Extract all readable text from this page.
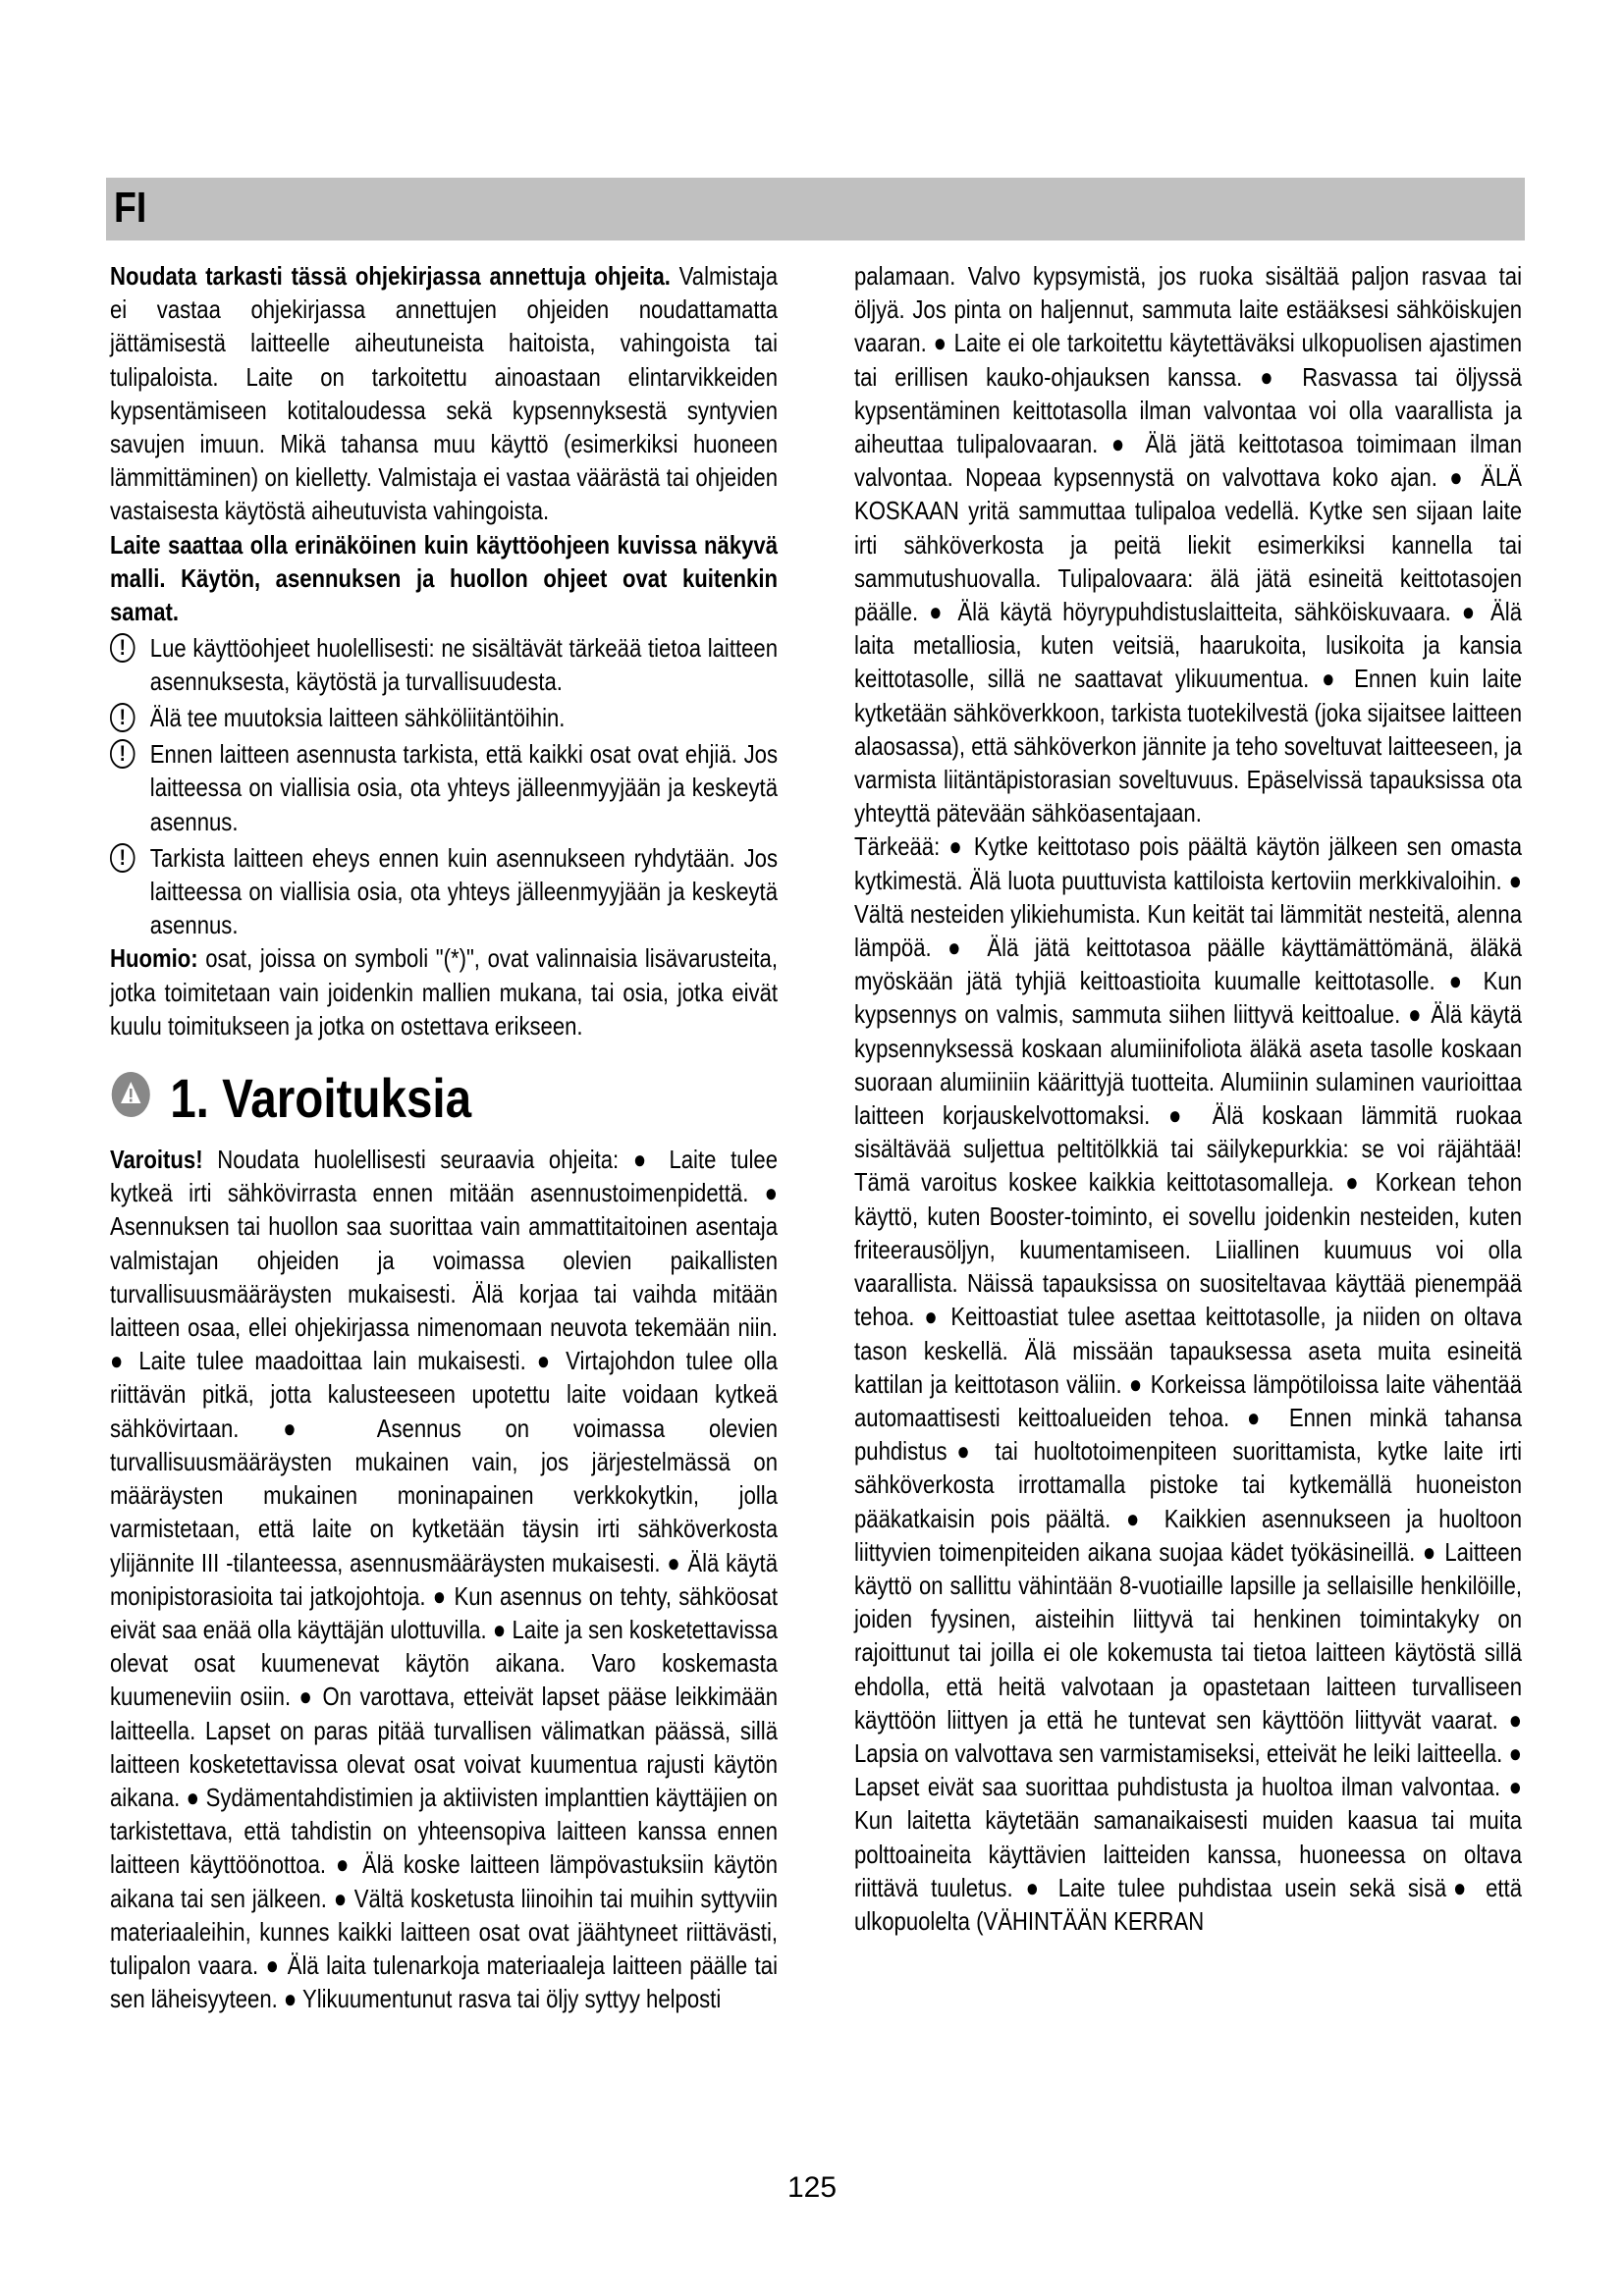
FI

Noudata tarkasti tässä ohjekirjassa annettuja ohjeita. Valmistaja ei vastaa ohjekirjassa annettujen ohjeiden noudattamatta jättämisestä laitteelle aiheutuneista haitoista, vahingoista tai tulipaloista. Laite on tarkoitettu ainoastaan elintarvikkeiden kypsentämiseen kotitaloudessa sekä kypsennyksestä syntyvien savujen imuun. Mikä tahansa muu käyttö (esimerkiksi huoneen lämmittäminen) on kielletty. Valmistaja ei vastaa väärästä tai ohjeiden vastaisesta käytöstä aiheutuvista vahingoista.

Laite saattaa olla erinäköinen kuin käyttöohjeen kuvissa näkyvä malli. Käytön, asennuksen ja huollon ohjeet ovat kuitenkin samat.

! Lue käyttöohjeet huolellisesti: ne sisältävät tärkeää tietoa laitteen asennuksesta, käytöstä ja turvallisuudesta.
! Älä tee muutoksia laitteen sähköliitäntöihin.
! Ennen laitteen asennusta tarkista, että kaikki osat ovat ehjiä. Jos laitteessa on viallisia osia, ota yhteys jälleenmyyjään ja keskeytä asennus.
! Tarkista laitteen eheys ennen kuin asennukseen ryhdytään. Jos laitteessa on viallisia osia, ota yhteys jälleenmyyjään ja keskeytä asennus.

Huomio: osat, joissa on symboli "(*)", ovat valinnaisia lisävarusteita, jotka toimitetaan vain joidenkin mallien mukana, tai osia, jotka eivät kuulu toimitukseen ja jotka on ostettava erikseen.

1. Varoituksia

Varoitus! Noudata huolellisesti seuraavia ohjeita: ● Laite tulee kytkeä irti sähkövirrasta ennen mitään asennustoimenpidettä. ● Asennuksen tai huollon saa suorittaa vain ammattitaitoinen asentaja valmistajan ohjeiden ja voimassa olevien paikallisten turvallisuusmääräysten mukaisesti. Älä korjaa tai vaihda mitään laitteen osaa, ellei ohjekirjassa nimenomaan neuvota tekemään niin. ● Laite tulee maadoittaa lain mukaisesti. ● Virtajohdon tulee olla riittävän pitkä, jotta kalusteeseen upotettu laite voidaan kytkeä sähkövirtaan. ● Asennus on voimassa olevien turvallisuusmääräysten mukainen vain, jos järjestelmässä on määräysten mukainen moninapainen verkkokytkin, jolla varmistetaan, että laite on kytketään täysin irti sähköverkosta ylijännite III -tilanteessa, asennusmääräysten mukaisesti. ● Älä käytä monipistorasioita tai jatkojohtoja. ● Kun asennus on tehty, sähköosat eivät saa enää olla käyttäjän ulottuvilla. ● Laite ja sen kosketettavissa olevat osat kuumenevat käytön aikana. Varo koskemasta kuumeneviin osiin. ● On varottava, etteivät lapset pääse leikkimään laitteella. Lapset on paras pitää turvallisen välimatkan päässä, sillä laitteen kosketettavissa olevat osat voivat kuumentua rajusti käytön aikana. ● Sydämentahdistimien ja aktiivisten implanttien käyttäjien on tarkistettava, että tahdistin on yhteensopiva laitteen kanssa ennen laitteen käyttöönottoa. ● Älä koske laitteen lämpövastuksiin käytön aikana tai sen jälkeen. ● Vältä kosketusta liinoihin tai muihin syttyviin materiaaleihin, kunnes kaikki laitteen osat ovat jäähtyneet riittävästi, tulipalon vaara. ● Älä laita tulenarkoja materiaaleja laitteen päälle tai sen läheisyyteen. ● Ylikuumentunut rasva tai öljy syttyy helposti

palamaan. Valvo kypsymistä, jos ruoka sisältää paljon rasvaa tai öljyä. Jos pinta on haljennut, sammuta laite estääksesi sähköiskujen vaaran. ● Laite ei ole tarkoitettu käytettäväksi ulkopuolisen ajastimen tai erillisen kauko-ohjauksen kanssa. ● Rasvassa tai öljyssä kypsentäminen keittotasolla ilman valvontaa voi olla vaarallista ja aiheuttaa tulipalovaaran. ● Älä jätä keittotasoa toimimaan ilman valvontaa. Nopeaa kypsennystä on valvottava koko ajan. ● ÄLÄ KOSKAAN yritä sammuttaa tulipaloa vedellä. Kytke sen sijaan laite irti sähköverkosta ja peitä liekit esimerkiksi kannella tai sammutushuovalla. Tulipalovaara: älä jätä esineitä keittotasojen päälle. ● Älä käytä höyrypuhdistuslaitteita, sähköiskuvaara. ● Älä laita metalliosia, kuten veitsiä, haarukoita, lusikoita ja kansia keittotasolle, sillä ne saattavat ylikuumentua. ● Ennen kuin laite kytketään sähköverkkoon, tarkista tuotekilvestä (joka sijaitsee laitteen alaosassa), että sähköverkon jännite ja teho soveltuvat laitteeseen, ja varmista liitäntäpistorasian soveltuvuus. Epäselvissä tapauksissa ota yhteyttä pätevään sähköasentajaan.

Tärkeää: ● Kytke keittotaso pois päältä käytön jälkeen sen omasta kytkimestä. Älä luota puuttuvista kattiloista kertoviin merkkivaloihin. ● Vältä nesteiden ylikiehumista. Kun keität tai lämmität nesteitä, alenna lämpöä. ● Älä jätä keittotasoa päälle käyttämättömänä, äläkä myöskään jätä tyhjiä keittoastioita kuumalle keittotasolle. ● Kun kypsennys on valmis, sammuta siihen liittyvä keittoalue. ● Älä käytä kypsennyksessä koskaan alumiinifoliota äläkä aseta tasolle koskaan suoraan alumiiniin käärittyjä tuotteita. Alumiinin sulaminen vaurioittaa laitteen korjauskelvottomaksi. ● Älä koskaan lämmitä ruokaa sisältävää suljettua peltitölkkiä tai säilykepurkkia: se voi räjähtää! Tämä varoitus koskee kaikkia keittotasomalleja. ● Korkean tehon käyttö, kuten Booster-toiminto, ei sovellu joidenkin nesteiden, kuten friteerausöljyn, kuumentamiseen. Liiallinen kuumuus voi olla vaarallista. Näissä tapauksissa on suositeltavaa käyttää pienempää tehoa. ● Keittoastiat tulee asettaa keittotasolle, ja niiden on oltava tason keskellä. Älä missään tapauksessa aseta muita esineitä kattilan ja keittotason väliin. ● Korkeissa lämpötiloissa laite vähentää automaattisesti keittoalueiden tehoa. ● Ennen minkä tahansa puhdistus● tai huoltotoimenpiteen suorittamista, kytke laite irti sähköverkosta irrottamalla pistoke tai kytkemällä huoneiston pääkatkaisin pois päältä. ● Kaikkien asennukseen ja huoltoon liittyvien toimenpiteiden aikana suojaa kädet työkäsineillä. ● Laitteen käyttö on sallittu vähintään 8-vuotiaille lapsille ja sellaisille henkilöille, joiden fyysinen, aisteihin liittyvä tai henkinen toimintakyky on rajoittunut tai joilla ei ole kokemusta tai tietoa laitteen käytöstä sillä ehdolla, että heitä valvotaan ja opastetaan laitteen turvalliseen käyttöön liittyen ja että he tuntevat sen käyttöön liittyvät vaarat. ● Lapsia on valvottava sen varmistamiseksi, etteivät he leiki laitteella. ● Lapset eivät saa suorittaa puhdistusta ja huoltoa ilman valvontaa. ● Kun laitetta käytetään samanaikaisesti muiden kaasua tai muita polttoaineita käyttävien laitteiden kanssa, huoneessa on oltava riittävä tuuletus. ● Laite tulee puhdistaa usein sekä sisä● että ulkopuolelta (VÄHINTÄÄN KERRAN

125
